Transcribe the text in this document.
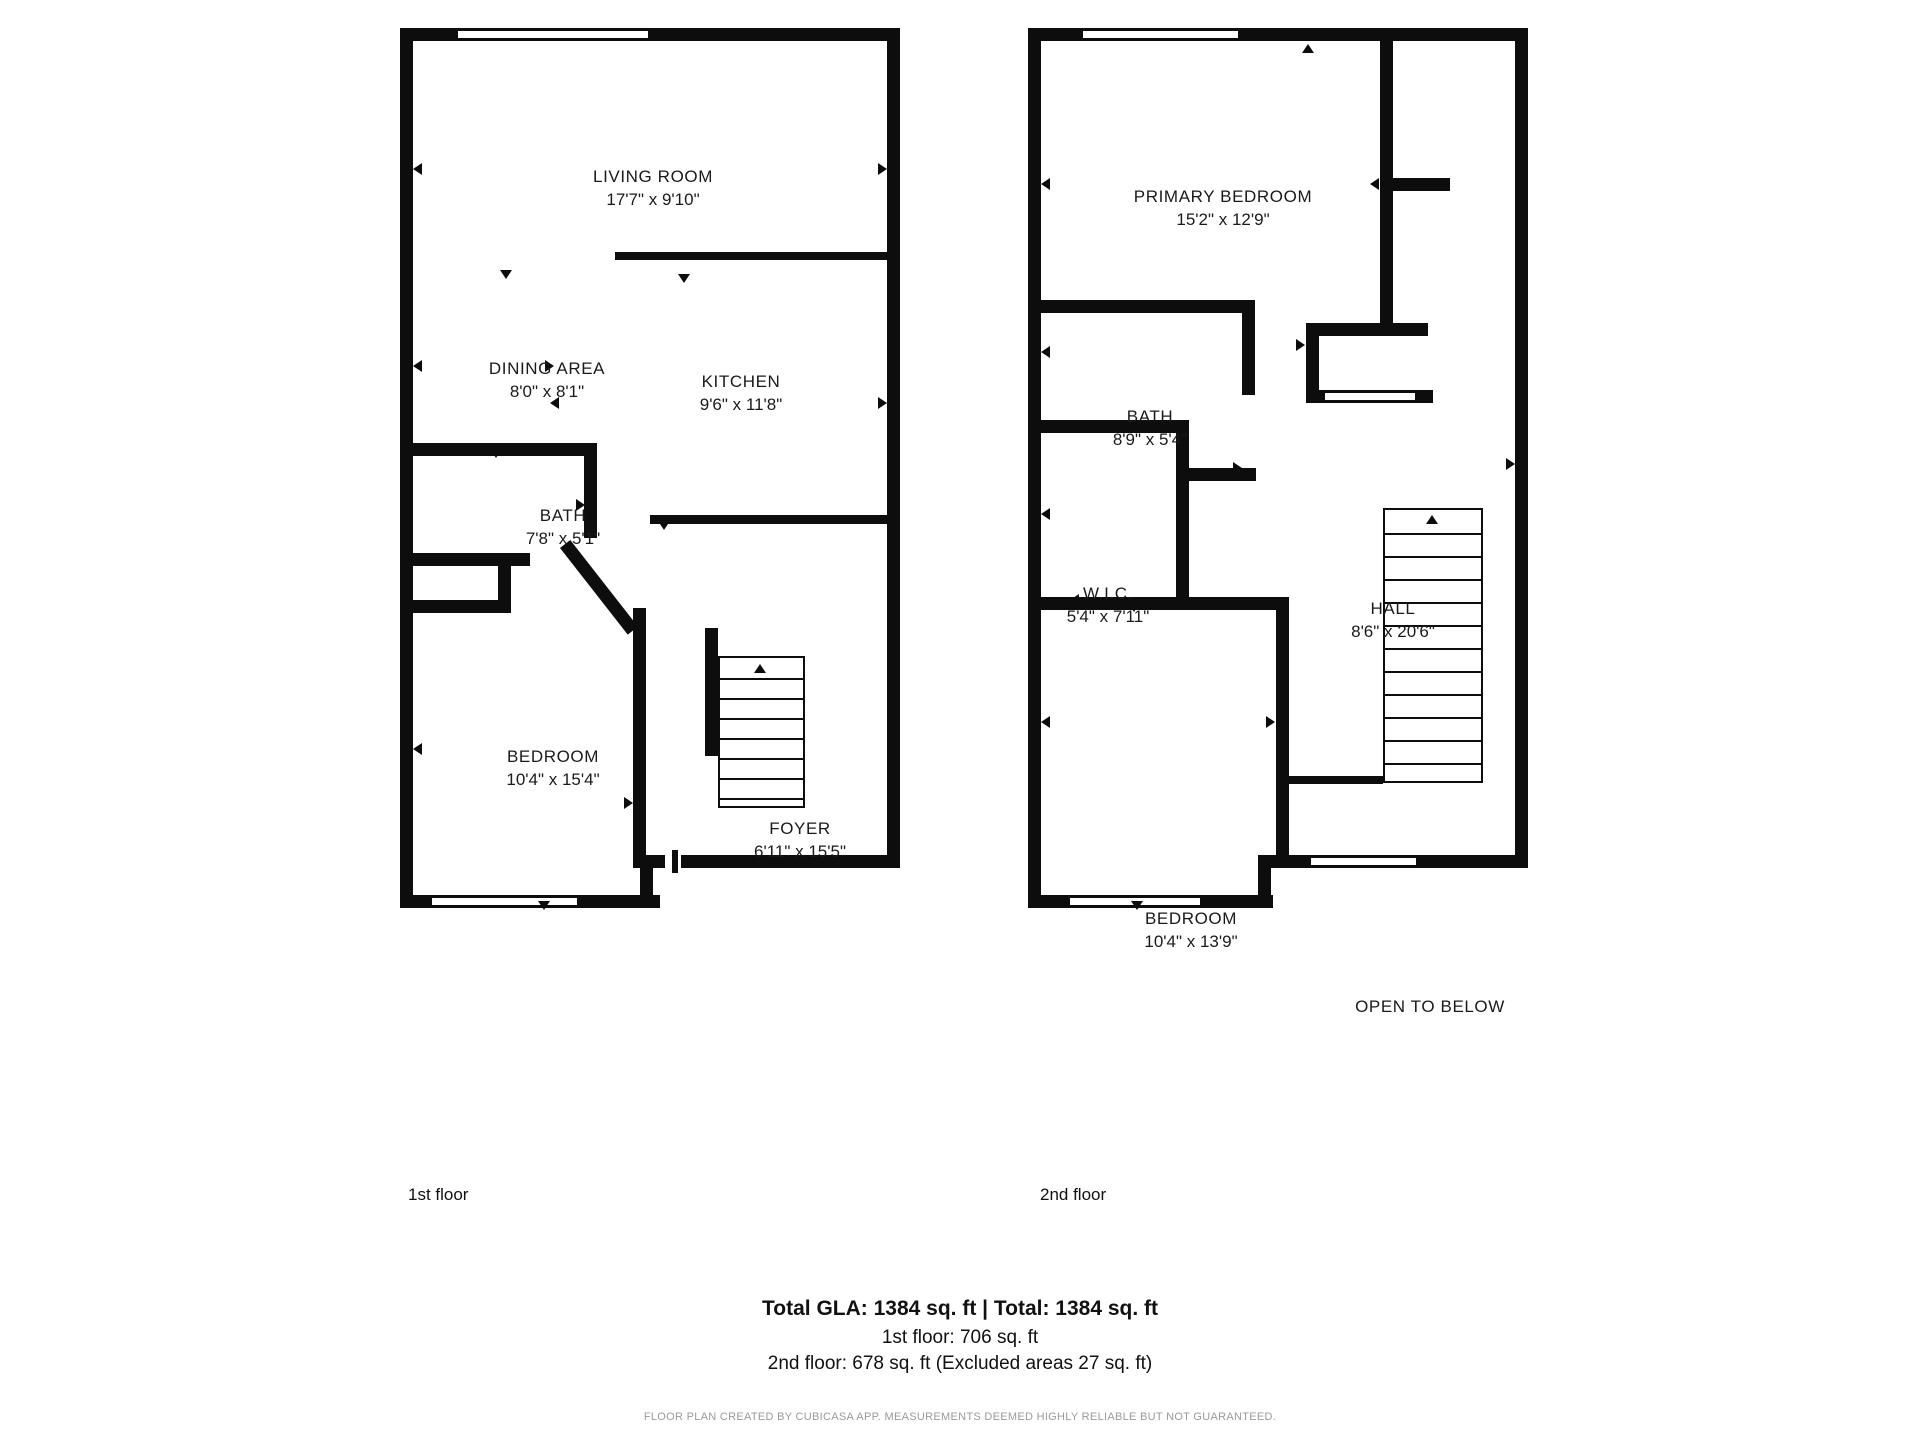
LIVING ROOM
17'7" x 9'10"
DINING AREA
8'0" x 8'1"
KITCHEN
9'6" x 11'8"
BATH
7'8" x 5'1"
BEDROOM
10'4" x 15'4"
FOYER
6'11" x 15'5"
1st floor
PRIMARY BEDROOM
15'2" x 12'9"
BATH
8'9" x 5'4"
W.I.C.
5'4" x 7'11"	HALL
8'6" x 20'6"
BEDROOM
10'4" x 13'9"
OPEN TO BELOW
2nd floor
Total GLA: 1384 sq. ft | Total: 1384 sq. ft
1st floor: 706 sq. ft
2nd floor: 678 sq. ft (Excluded areas 27 sq. ft)
FLOOR PLAN CREATED BY CUBICASA APP. MEASUREMENTS DEEMED HIGHLY RELIABLE BUT NOT GUARANTEED.
